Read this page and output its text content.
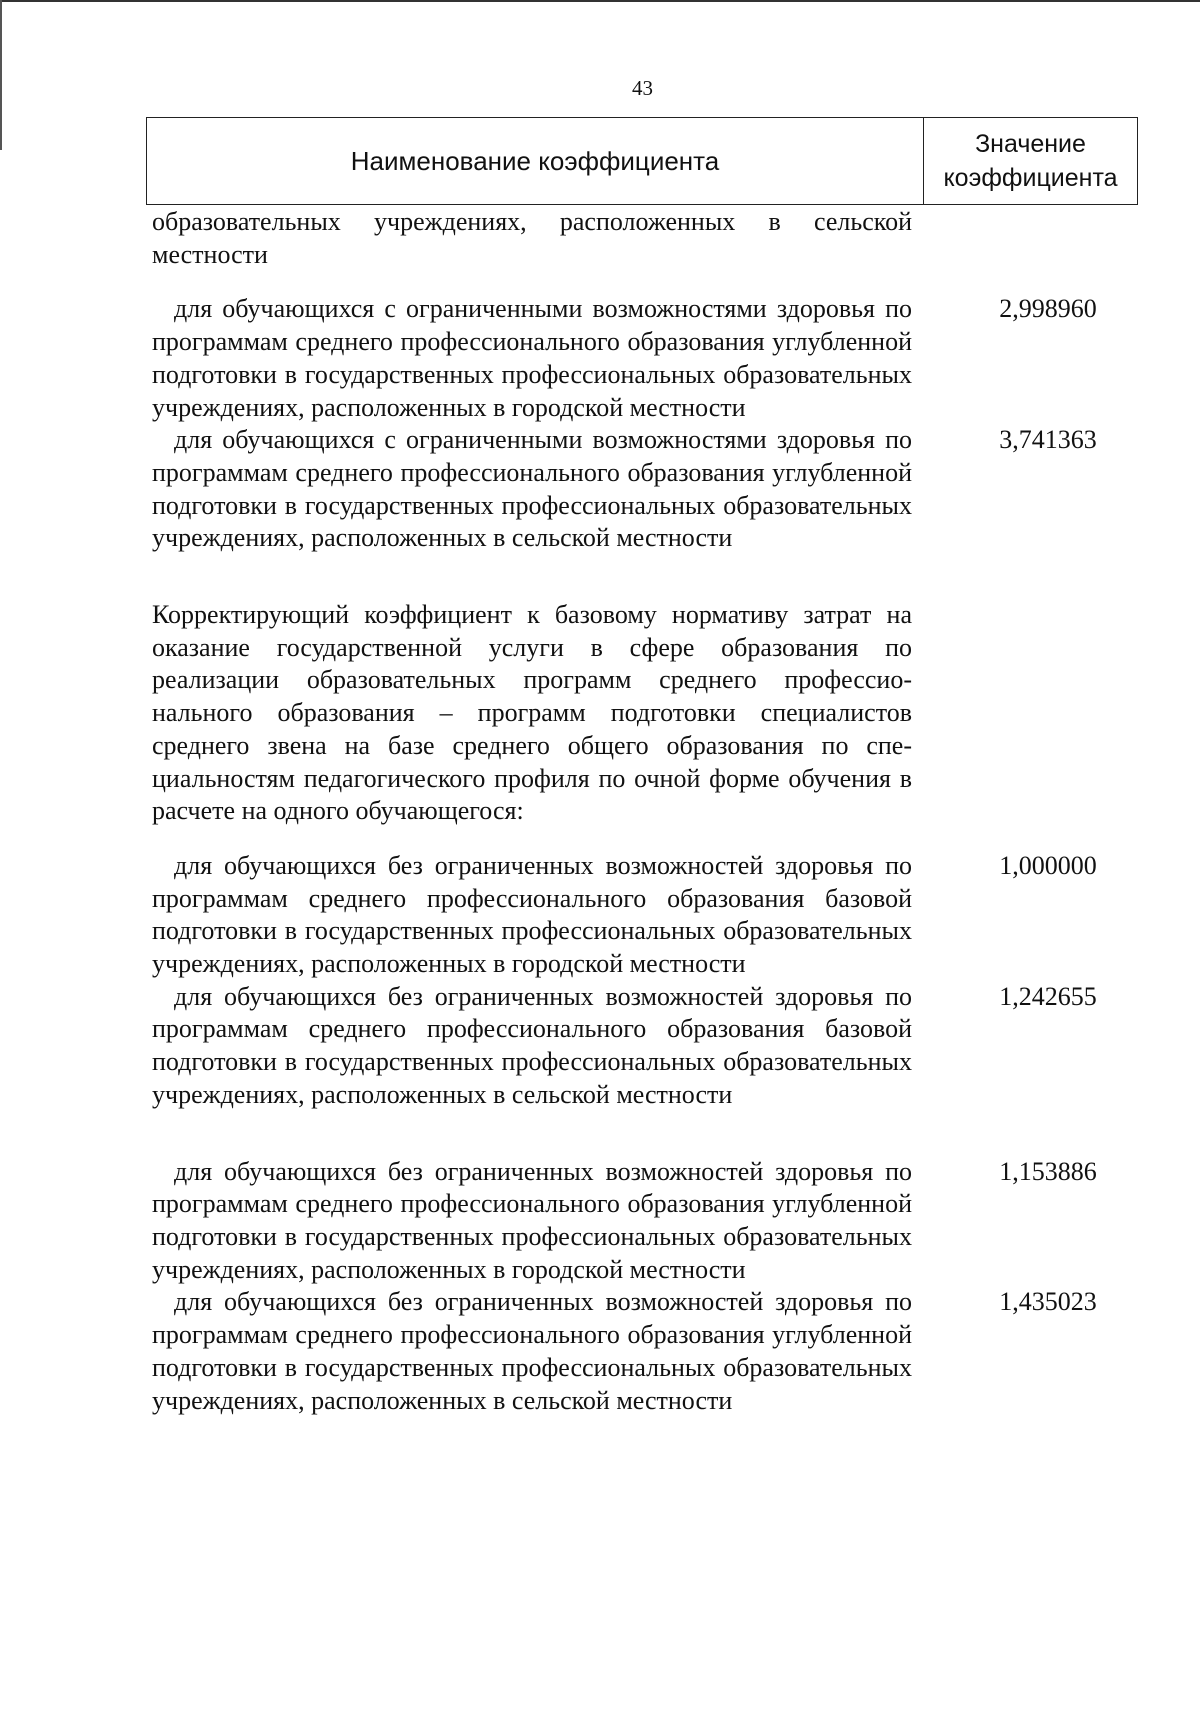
43
Наименование коэффициента
Значение
коэффициента
образовательных учреждениях, расположенных в сельской местности
для обучающихся с ограниченными возможностями здоровья по программам среднего профессионального образования углубленной подготовки в государственных профессиональных образовательных учреждениях, расположенных в городской местности
2,998960
для обучающихся с ограниченными возможностями здоровья по программам среднего профессионального образования углубленной подготовки в государственных профессиональных образовательных учреждениях, расположенных в сельской местности
3,741363
Корректирующий коэффициент к базовому нормативу затрат на оказание государственной услуги в сфере образования по реализации образовательных программ среднего профессионального образования – программ подготовки специалистов среднего звена на базе среднего общего образования по специальностям педагогического профиля по очной форме обучения в расчете на одного обучающегося:
для обучающихся без ограниченных возможностей здоровья по программам среднего профессионального образования базовой подготовки в государственных профессиональных образовательных учреждениях, расположенных в городской местности
1,000000
для обучающихся без ограниченных возможностей здоровья по программам среднего профессионального образования базовой подготовки в государственных профессиональных образовательных учреждениях, расположенных в сельской местности
1,242655
для обучающихся без ограниченных возможностей здоровья по программам среднего профессионального образования углубленной подготовки в государственных профессиональных образовательных учреждениях, расположенных в городской местности
1,153886
для обучающихся без ограниченных возможностей здоровья по программам среднего профессионального образования углубленной подготовки в государственных профессиональных образовательных учреждениях, расположенных в сельской местности
1,435023
